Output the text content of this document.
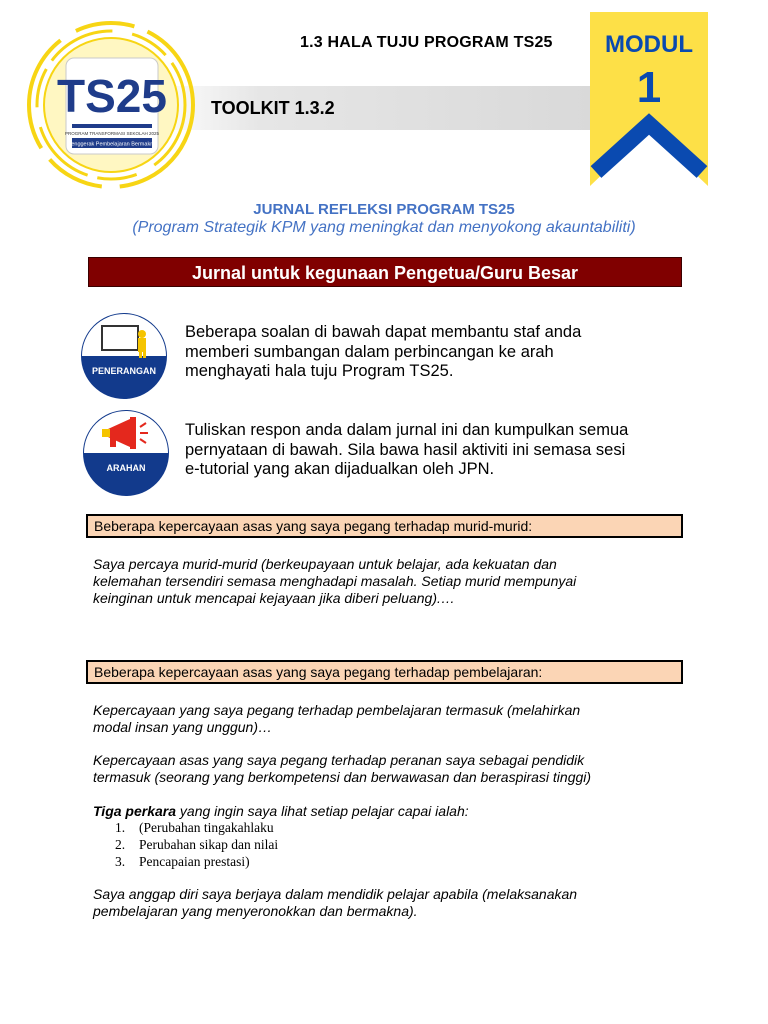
TS25
PROGRAM TRANSFORMASI SEKOLAH 2025
Penggerak Pembelajaran Bermakna
1.3 HALA TUJU PROGRAM TS25
TOOLKIT 1.3.2
MODUL
1
JURNAL REFLEKSI PROGRAM TS25
(Program Strategik KPM yang meningkat dan menyokong akauntabiliti)
Jurnal untuk kegunaan Pengetua/Guru Besar
PENERANGAN
Beberapa soalan di bawah dapat membantu staf anda
memberi sumbangan dalam perbincangan ke arah
menghayati hala tuju Program TS25.
ARAHAN
Tuliskan respon anda dalam jurnal ini dan kumpulkan semua
pernyataan di bawah. Sila bawa hasil aktiviti ini semasa sesi
e-tutorial yang akan dijadualkan oleh JPN.
Beberapa kepercayaan asas yang saya pegang terhadap murid-murid:
Saya percaya murid-murid (berkeupayaan untuk belajar, ada kekuatan dan
kelemahan tersendiri semasa menghadapi masalah. Setiap murid mempunyai
keinginan untuk mencapai kejayaan jika diberi peluang).…
Beberapa kepercayaan asas yang saya pegang terhadap pembelajaran:
Kepercayaan yang saya pegang terhadap pembelajaran termasuk (melahirkan
modal insan yang unggun)…
Kepercayaan asas yang saya pegang terhadap peranan saya sebagai pendidik
termasuk (seorang yang berkompetensi dan berwawasan dan beraspirasi tinggi)
Tiga perkara yang ingin saya lihat setiap pelajar capai ialah:
1.	(Perubahan tingakahlaku
2.	Perubahan sikap dan nilai
3.	Pencapaian prestasi)
Saya anggap diri saya berjaya dalam mendidik pelajar apabila (melaksanakan
pembelajaran yang menyeronokkan dan bermakna).
